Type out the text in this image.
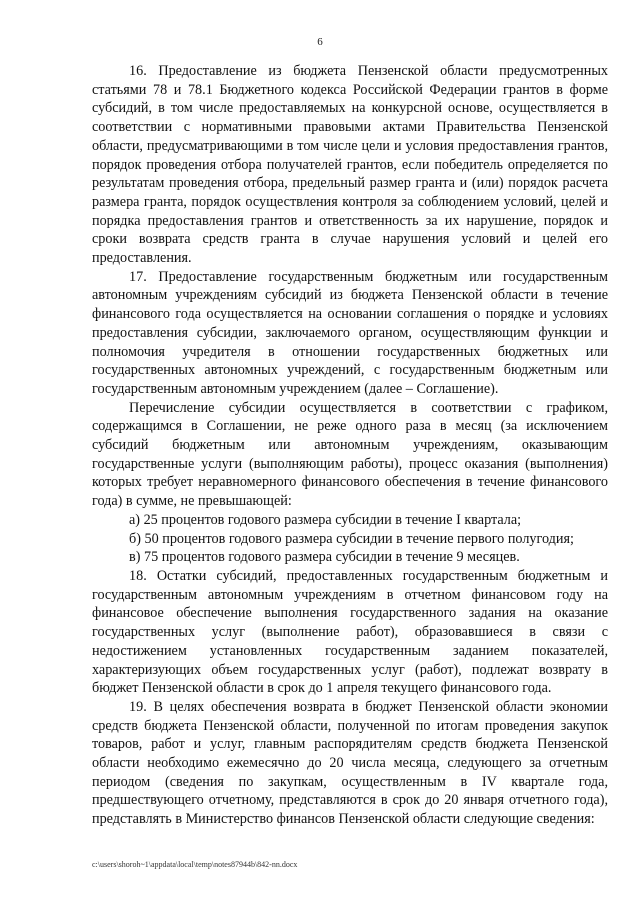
6

16. Предоставление из бюджета Пензенской области предусмотренных статьями 78 и 78.1 Бюджетного кодекса Российской Федерации грантов в форме субсидий, в том числе предоставляемых на конкурсной основе, осуществляется в соответствии с нормативными правовыми актами Правительства Пензенской области, предусматривающими в том числе цели и условия предоставления грантов, порядок проведения отбора получателей грантов, если победитель определяется по результатам проведения отбора, предельный размер гранта и (или) порядок расчета размера гранта, порядок осуществления контроля за соблюдением условий, целей и порядка предоставления грантов и ответственность за их нарушение, порядок и сроки возврата средств гранта в случае нарушения условий и целей его предоставления.

17. Предоставление государственным бюджетным или государственным автономным учреждениям субсидий из бюджета Пензенской области в течение финансового года осуществляется на основании соглашения о порядке и условиях предоставления субсидии, заключаемого органом, осуществляющим функции и полномочия учредителя в отношении государственных бюджетных или государственных автономных учреждений, с государственным бюджетным или государственным автономным учреждением (далее – Соглашение).

Перечисление субсидии осуществляется в соответствии с графиком, содержащимся в Соглашении, не реже одного раза в месяц (за исключением субсидий бюджетным или автономным учреждениям, оказывающим государственные услуги (выполняющим работы), процесс оказания (выполнения) которых требует неравномерного финансового обеспечения в течение финансового года) в сумме, не превышающей:

а) 25 процентов годового размера субсидии в течение I квартала;

б) 50 процентов годового размера субсидии в течение первого полугодия;

в) 75 процентов годового размера субсидии в течение 9 месяцев.

18. Остатки субсидий, предоставленных государственным бюджетным и государственным автономным учреждениям в отчетном финансовом году на финансовое обеспечение выполнения государственного задания на оказание государственных услуг (выполнение работ), образовавшиеся в связи с недостижением установленных государственным заданием показателей, характеризующих объем государственных услуг (работ), подлежат возврату в бюджет Пензенской области в срок до 1 апреля текущего финансового года.

19. В целях обеспечения возврата в бюджет Пензенской области экономии средств бюджета Пензенской области, полученной по итогам проведения закупок товаров, работ и услуг, главным распорядителям средств бюджета Пензенской области необходимо ежемесячно до 20 числа месяца, следующего за отчетным периодом (сведения по закупкам, осуществленным в IV квартале года, предшествующего отчетному, представляются в срок до 20 января отчетного года), представлять в Министерство финансов Пензенской области следующие сведения:

c:\users\shoroh~1\appdata\local\temp\notes87944b\842-nn.docx
